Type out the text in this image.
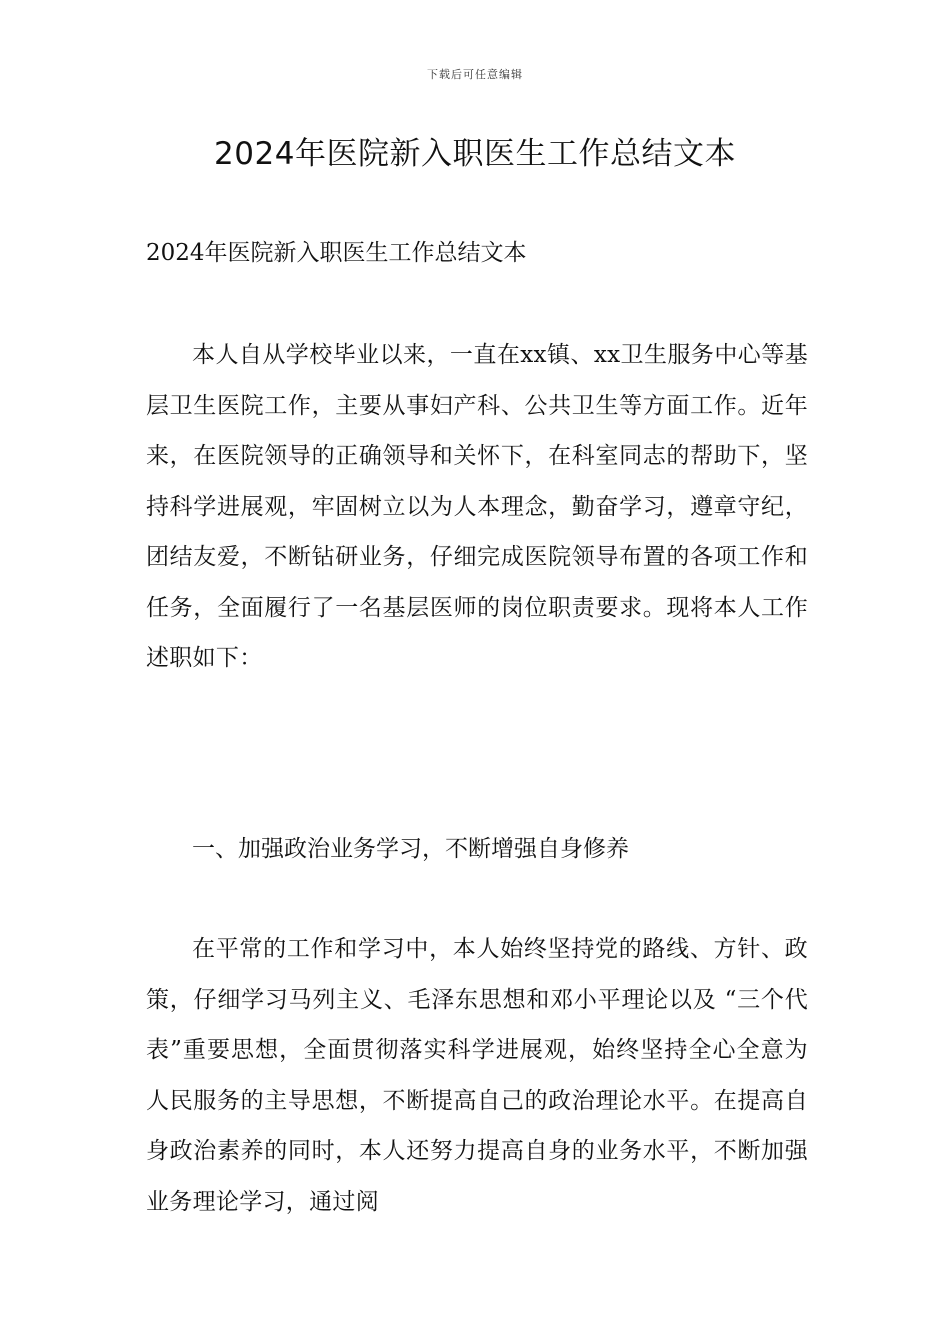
下载后可任意编辑
2024年医院新入职医生工作总结文本

2024年医院新入职医生工作总结文本

本人自从学校毕业以来，一直在xx镇、xx卫生服务中心等基层卫生医院工作，主要从事妇产科、公共卫生等方面工作。近年来，在医院领导的正确领导和关怀下，在科室同志的帮助下，坚持科学进展观，牢固树立以为人本理念，勤奋学习，遵章守纪，团结友爱，不断钻研业务，仔细完成医院领导布置的各项工作和任务，全面履行了一名基层医师的岗位职责要求。现将本人工作述职如下：

一、加强政治业务学习，不断增强自身修养

在平常的工作和学习中，本人始终坚持党的路线、方针、政策，仔细学习马列主义、毛泽东思想和邓小平理论以及 “三个代表”重要思想，全面贯彻落实科学进展观，始终坚持全心全意为人民服务的主导思想，不断提高自己的政治理论水平。在提高自身政治素养的同时，本人还努力提高自身的业务水平，不断加强业务理论学习，通过阅
